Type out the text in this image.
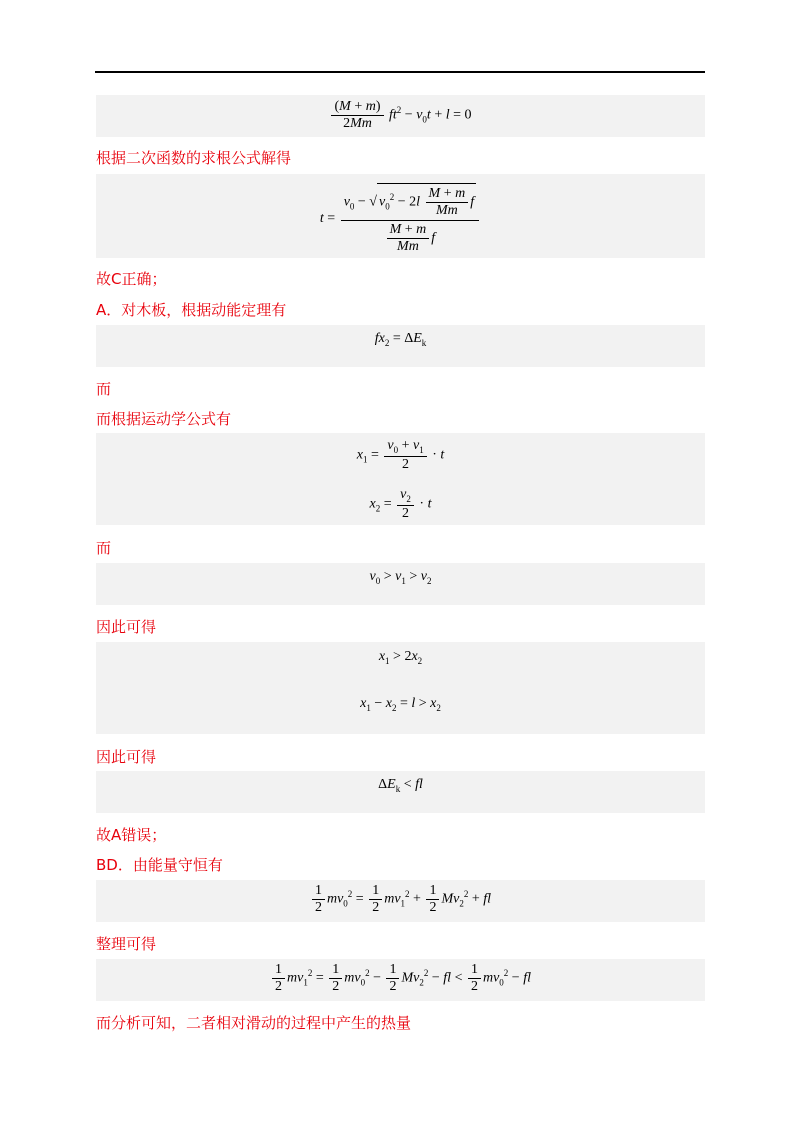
$\frac{(M + m)}{2Mm} ft^2 - v_0t + l = 0$
根据二次函数的求根公式解得
t =
$v_0$ − √ $v_0^2 - 2l \frac{M + m}{Mm}$ f
$\frac{M + m}{Mm}$ f
故C正确；
A．对木板，根据动能定理有
$fx_2 = \Delta E_k$
而
而根据运动学公式有
$x_1 = \frac{v_0 + v_1}{2} \cdot t$
$x_2 = \frac{v_2}{2} \cdot t$
而
$v_0 > v_1 > v_2$
因此可得
$x_1 > 2x_2$
$x_1 - x_2 = l > x_2$
因此可得
$\Delta E_k$ < fl
故A错误；
BD．由能量守恒有
$\frac{1}{2} mv_0^2 = \frac{1}{2} mv_1^2 + \frac{1}{2} Mv_2^2$ + fl
整理可得
$\frac{1}{2} mv_1^2 = \frac{1}{2} mv_0^2 - \frac{1}{2} Mv_2^2$ − fl < $\frac{1}{2} mv_0^2$ − fl
而分析可知，二者相对滑动的过程中产生的热量
